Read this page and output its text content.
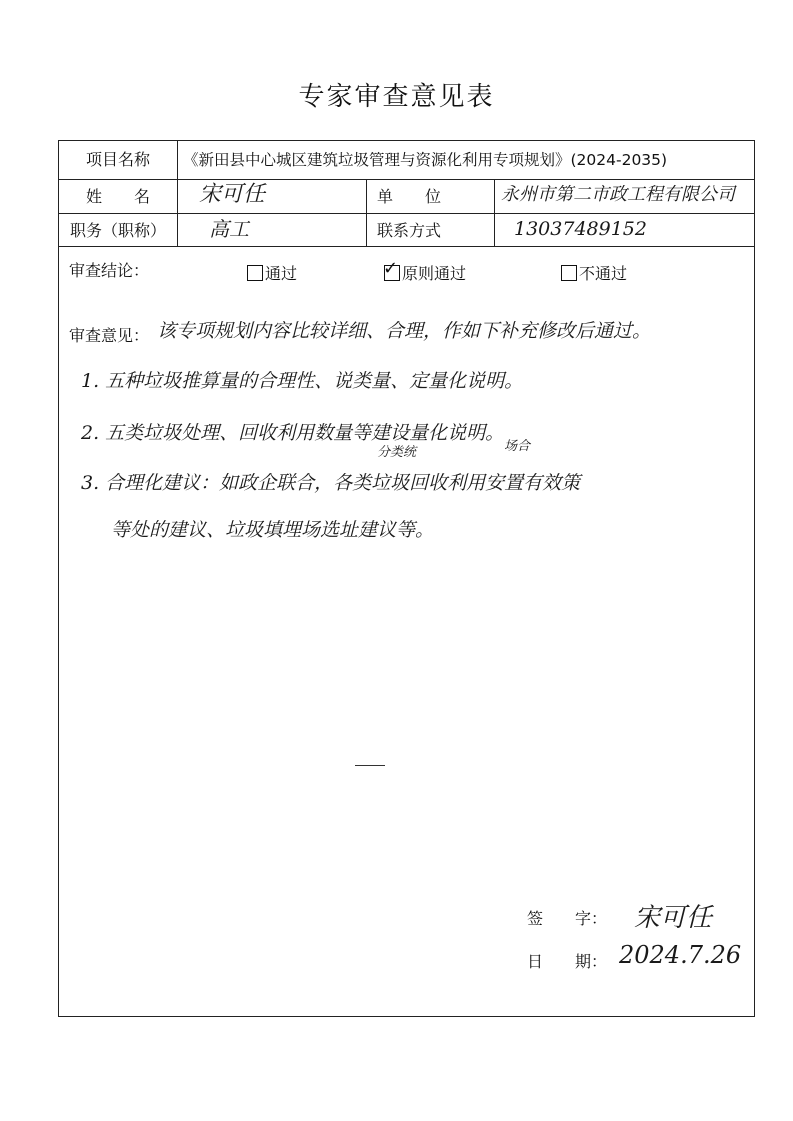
专家审查意见表
项目名称	《新田县中心城区建筑垃圾管理与资源化利用专项规划》(2024-2035)
姓　　名	宋可任	单　　位	永州市第二市政工程有限公司
职务（职称）	高工	联系方式	13037489152
审查结论：	通过	✓ 原则通过	不通过
审查意见： 该专项规划内容比较详细、合理，作如下补充修改后通过。
1. 五种垃圾推算量的合理性、说类量、定量化说明。
2. 五类垃圾处理、回收利用数量等建设量化说明。
分类统	场合
3. 合理化建议：如政企联合，各类垃圾回收利用安置有效策
等处的建议、垃圾填埋场选址建议等。
签　　字： 宋可任
日　　期： 2024.7.26
